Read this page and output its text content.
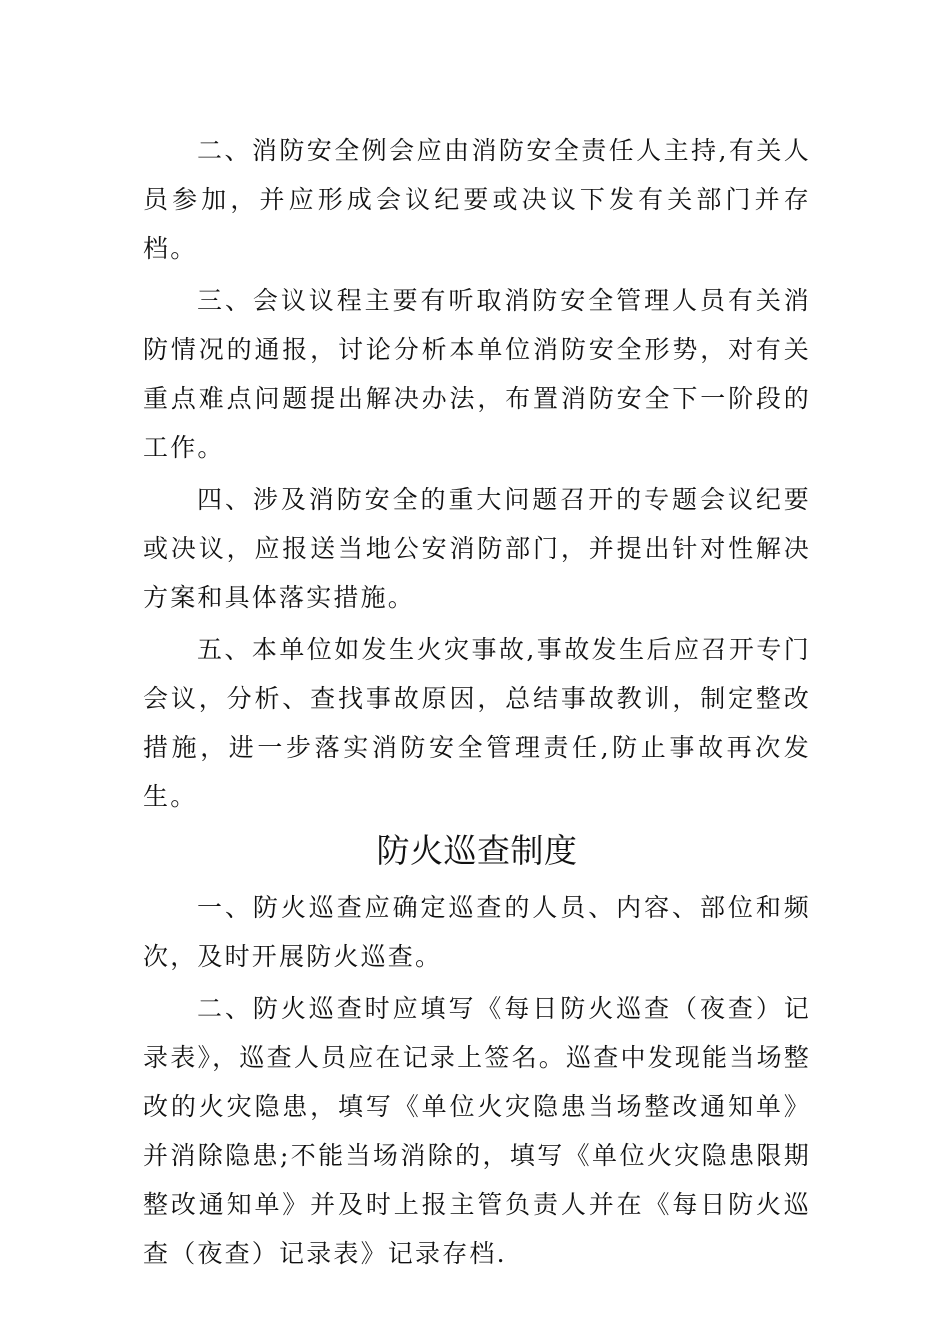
二、消防安全例会应由消防安全责任人主持,有关人员参加，并应形成会议纪要或决议下发有关部门并存档。

三、会议议程主要有听取消防安全管理人员有关消防情况的通报，讨论分析本单位消防安全形势，对有关重点难点问题提出解决办法，布置消防安全下一阶段的工作。

四、涉及消防安全的重大问题召开的专题会议纪要或决议，应报送当地公安消防部门，并提出针对性解决方案和具体落实措施。

五、本单位如发生火灾事故,事故发生后应召开专门会议，分析、查找事故原因，总结事故教训，制定整改措施，进一步落实消防安全管理责任,防止事故再次发生。

防火巡查制度

一、防火巡查应确定巡查的人员、内容、部位和频次，及时开展防火巡查。

二、防火巡查时应填写《每日防火巡查（夜查）记录表》，巡查人员应在记录上签名。巡查中发现能当场整改的火灾隐患，填写《单位火灾隐患当场整改通知单》并消除隐患;不能当场消除的，填写《单位火灾隐患限期整改通知单》并及时上报主管负责人并在《每日防火巡查（夜查）记录表》记录存档.
